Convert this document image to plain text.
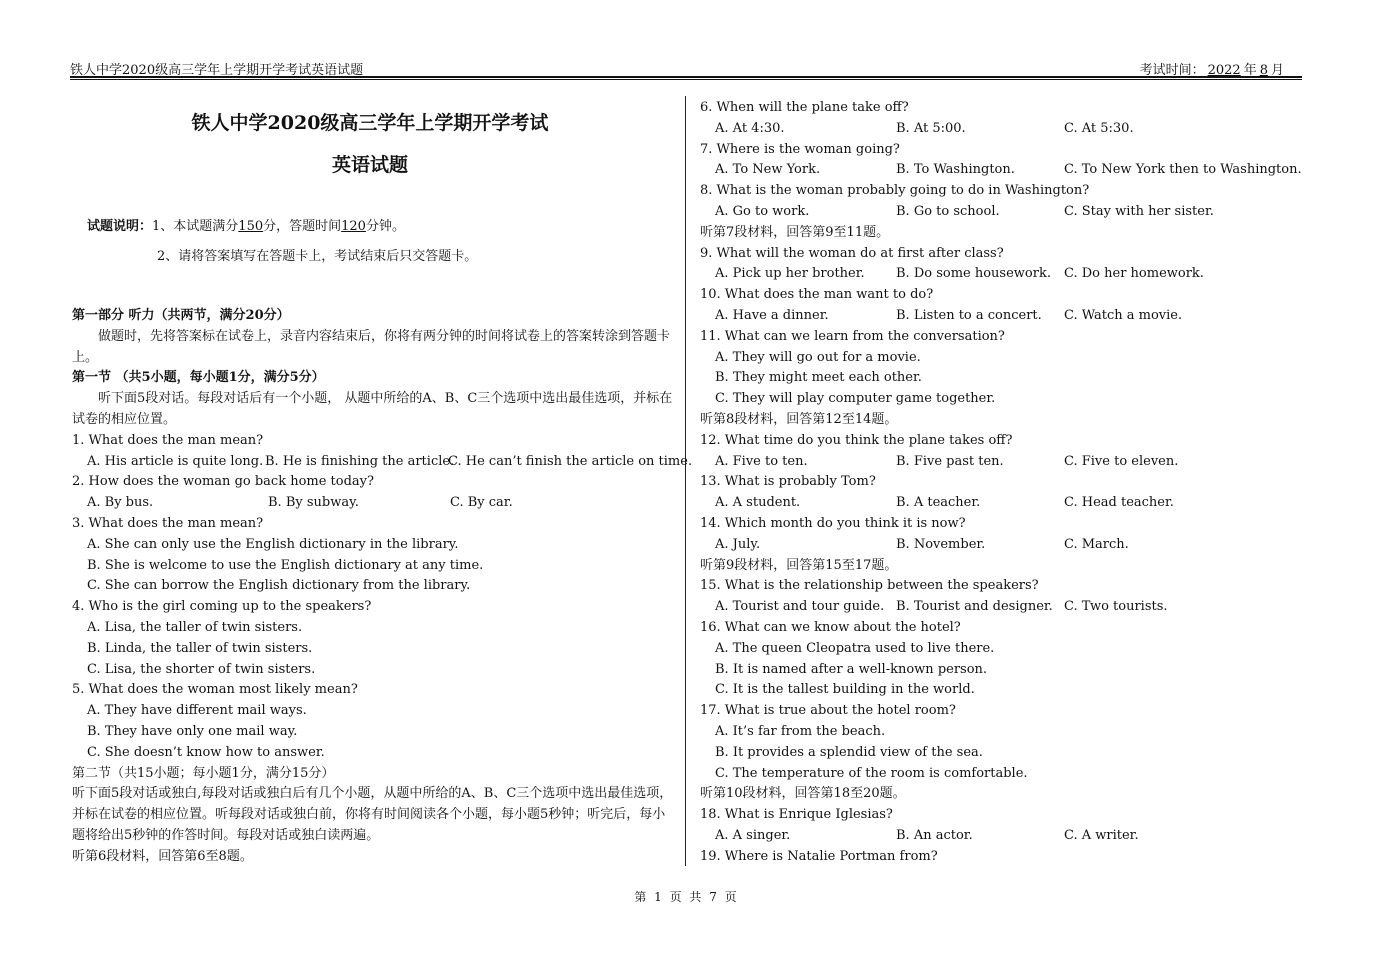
铁人中学2020级高三学年上学期开学考试英语试题	考试时间： 2022 年 8 月
铁人中学2020级高三学年上学期开学考试
英语试题
试题说明：1、本试题满分150分，答题时间120分钟。
2、请将答案填写在答题卡上，考试结束后只交答题卡。
第一部分 听力（共两节，满分20分）
做题时，先将答案标在试卷上，录音内容结束后，你将有两分钟的时间将试卷上的答案转涂到答题卡上。
第一节 （共5小题，每小题1分，满分5分）
听下面5段对话。每段对话后有一个小题， 从题中所给的A、B、C三个选项中选出最佳选项，并标在试卷的相应位置。
1. What does the man mean?
A. His article is quite long. B. He is finishing the article.
C. He can’t finish the article on time.
2. How does the woman go back home today?
A. By bus.	B. By subway.	C. By car.
3. What does the man mean?
A. She can only use the English dictionary in the library.
B. She is welcome to use the English dictionary at any time.
C. She can borrow the English dictionary from the library.
4. Who is the girl coming up to the speakers?
A. Lisa, the taller of twin sisters.
B. Linda, the taller of twin sisters.
C. Lisa, the shorter of twin sisters.
5. What does the woman most likely mean?
A. They have different mail ways.
B. They have only one mail way.
C. She doesn’t know how to answer.
第二节（共15小题；每小题1分，满分15分）
听下面5段对话或独白,每段对话或独白后有几个小题，从题中所给的A、B、C三个选项中选出最佳选项，并标在试卷的相应位置。听每段对话或独白前，你将有时间阅读各个小题，每小题5秒钟；听完后，每小题将给出5秒钟的作答时间。每段对话或独白读两遍。
听第6段材料，回答第6至8题。
6. When will the plane take off?
A. At 4:30.	B. At 5:00.	C. At 5:30.
7. Where is the woman going?
A. To New York.	B. To Washington.	C. To New York then to Washington.
8. What is the woman probably going to do in Washington?
A. Go to work.	B. Go to school.	C. Stay with her sister.
听第7段材料，回答第9至11题。
9. What will the woman do at first after class?
A. Pick up her brother. B. Do some housework. C. Do her homework.
10. What does the man want to do?
A. Have a dinner.	B. Listen to a concert. C. Watch a movie.
11. What can we learn from the conversation?
A. They will go out for a movie.
B. They might meet each other.
C. They will play computer game together.
听第8段材料，回答第12至14题。
12. What time do you think the plane takes off?
A. Five to ten.	B. Five past ten.	C. Five to eleven.
13. What is probably Tom?
A. A student.	B. A teacher.	C. Head teacher.
14. Which month do you think it is now?
A. July.	B. November.	C. March.
听第9段材料，回答第15至17题。
15. What is the relationship between the speakers?
A. Tourist and tour guide. B. Tourist and designer. C. Two tourists.
16. What can we know about the hotel?
A. The queen Cleopatra used to live there.
B. It is named after a well-known person.
C. It is the tallest building in the world.
17. What is true about the hotel room?
A. It’s far from the beach.
B. It provides a splendid view of the sea.
C. The temperature of the room is comfortable.
听第10段材料，回答第18至20题。
18. What is Enrique Iglesias?
A. A singer.	B. An actor.	C. A writer.
19. Where is Natalie Portman from?
第 1 页 共 7 页
